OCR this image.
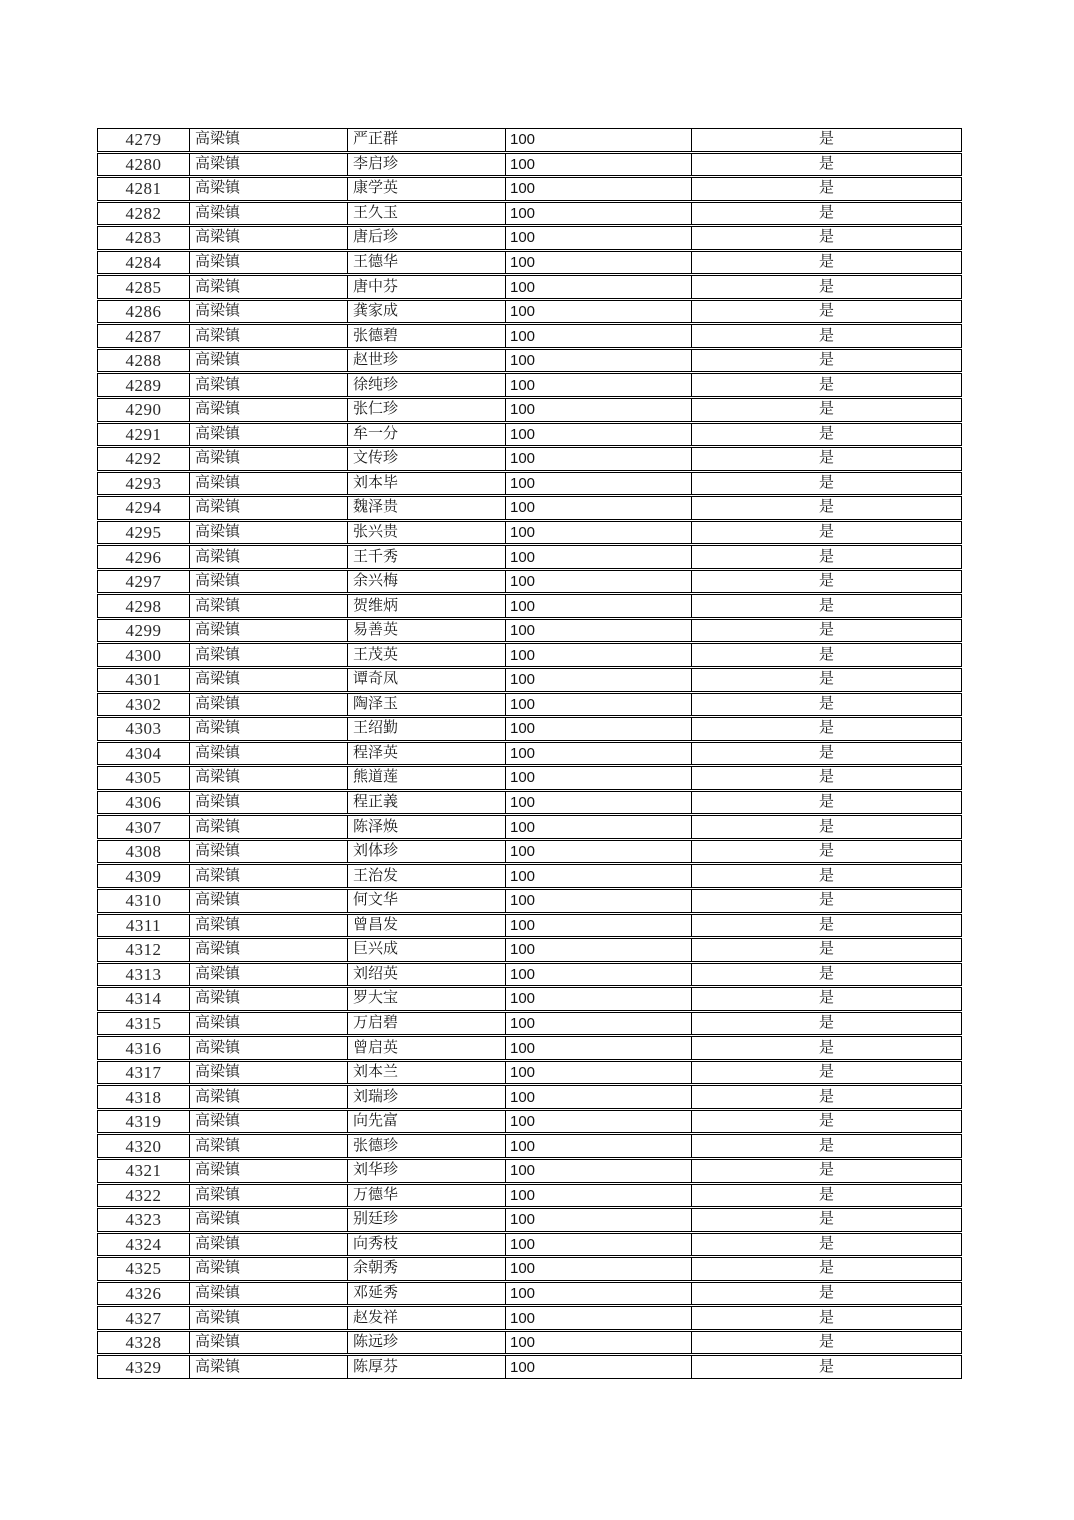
4279	高梁镇	严正群	100	是
4280	高梁镇	李启珍	100	是
4281	高梁镇	康学英	100	是
4282	高梁镇	王久玉	100	是
4283	高梁镇	唐后珍	100	是
4284	高梁镇	王德华	100	是
4285	高梁镇	唐中芬	100	是
4286	高梁镇	龚家成	100	是
4287	高梁镇	张德碧	100	是
4288	高梁镇	赵世珍	100	是
4289	高梁镇	徐纯珍	100	是
4290	高梁镇	张仁珍	100	是
4291	高梁镇	牟一分	100	是
4292	高梁镇	文传珍	100	是
4293	高梁镇	刘本毕	100	是
4294	高梁镇	魏泽贵	100	是
4295	高梁镇	张兴贵	100	是
4296	高梁镇	王千秀	100	是
4297	高梁镇	余兴梅	100	是
4298	高梁镇	贺维炳	100	是
4299	高梁镇	易善英	100	是
4300	高梁镇	王茂英	100	是
4301	高梁镇	谭奇凤	100	是
4302	高梁镇	陶泽玉	100	是
4303	高梁镇	王绍勤	100	是
4304	高梁镇	程泽英	100	是
4305	高梁镇	熊道莲	100	是
4306	高梁镇	程正義	100	是
4307	高梁镇	陈泽焕	100	是
4308	高梁镇	刘体珍	100	是
4309	高梁镇	王治发	100	是
4310	高梁镇	何文华	100	是
4311	高梁镇	曾昌发	100	是
4312	高梁镇	巨兴成	100	是
4313	高梁镇	刘绍英	100	是
4314	高梁镇	罗大宝	100	是
4315	高梁镇	万启碧	100	是
4316	高梁镇	曾启英	100	是
4317	高梁镇	刘本兰	100	是
4318	高梁镇	刘瑞珍	100	是
4319	高梁镇	向先富	100	是
4320	高梁镇	张德珍	100	是
4321	高梁镇	刘华珍	100	是
4322	高梁镇	万德华	100	是
4323	高梁镇	别廷珍	100	是
4324	高梁镇	向秀枝	100	是
4325	高梁镇	余朝秀	100	是
4326	高梁镇	邓延秀	100	是
4327	高梁镇	赵发祥	100	是
4328	高梁镇	陈远珍	100	是
4329	高梁镇	陈厚芬	100	是
